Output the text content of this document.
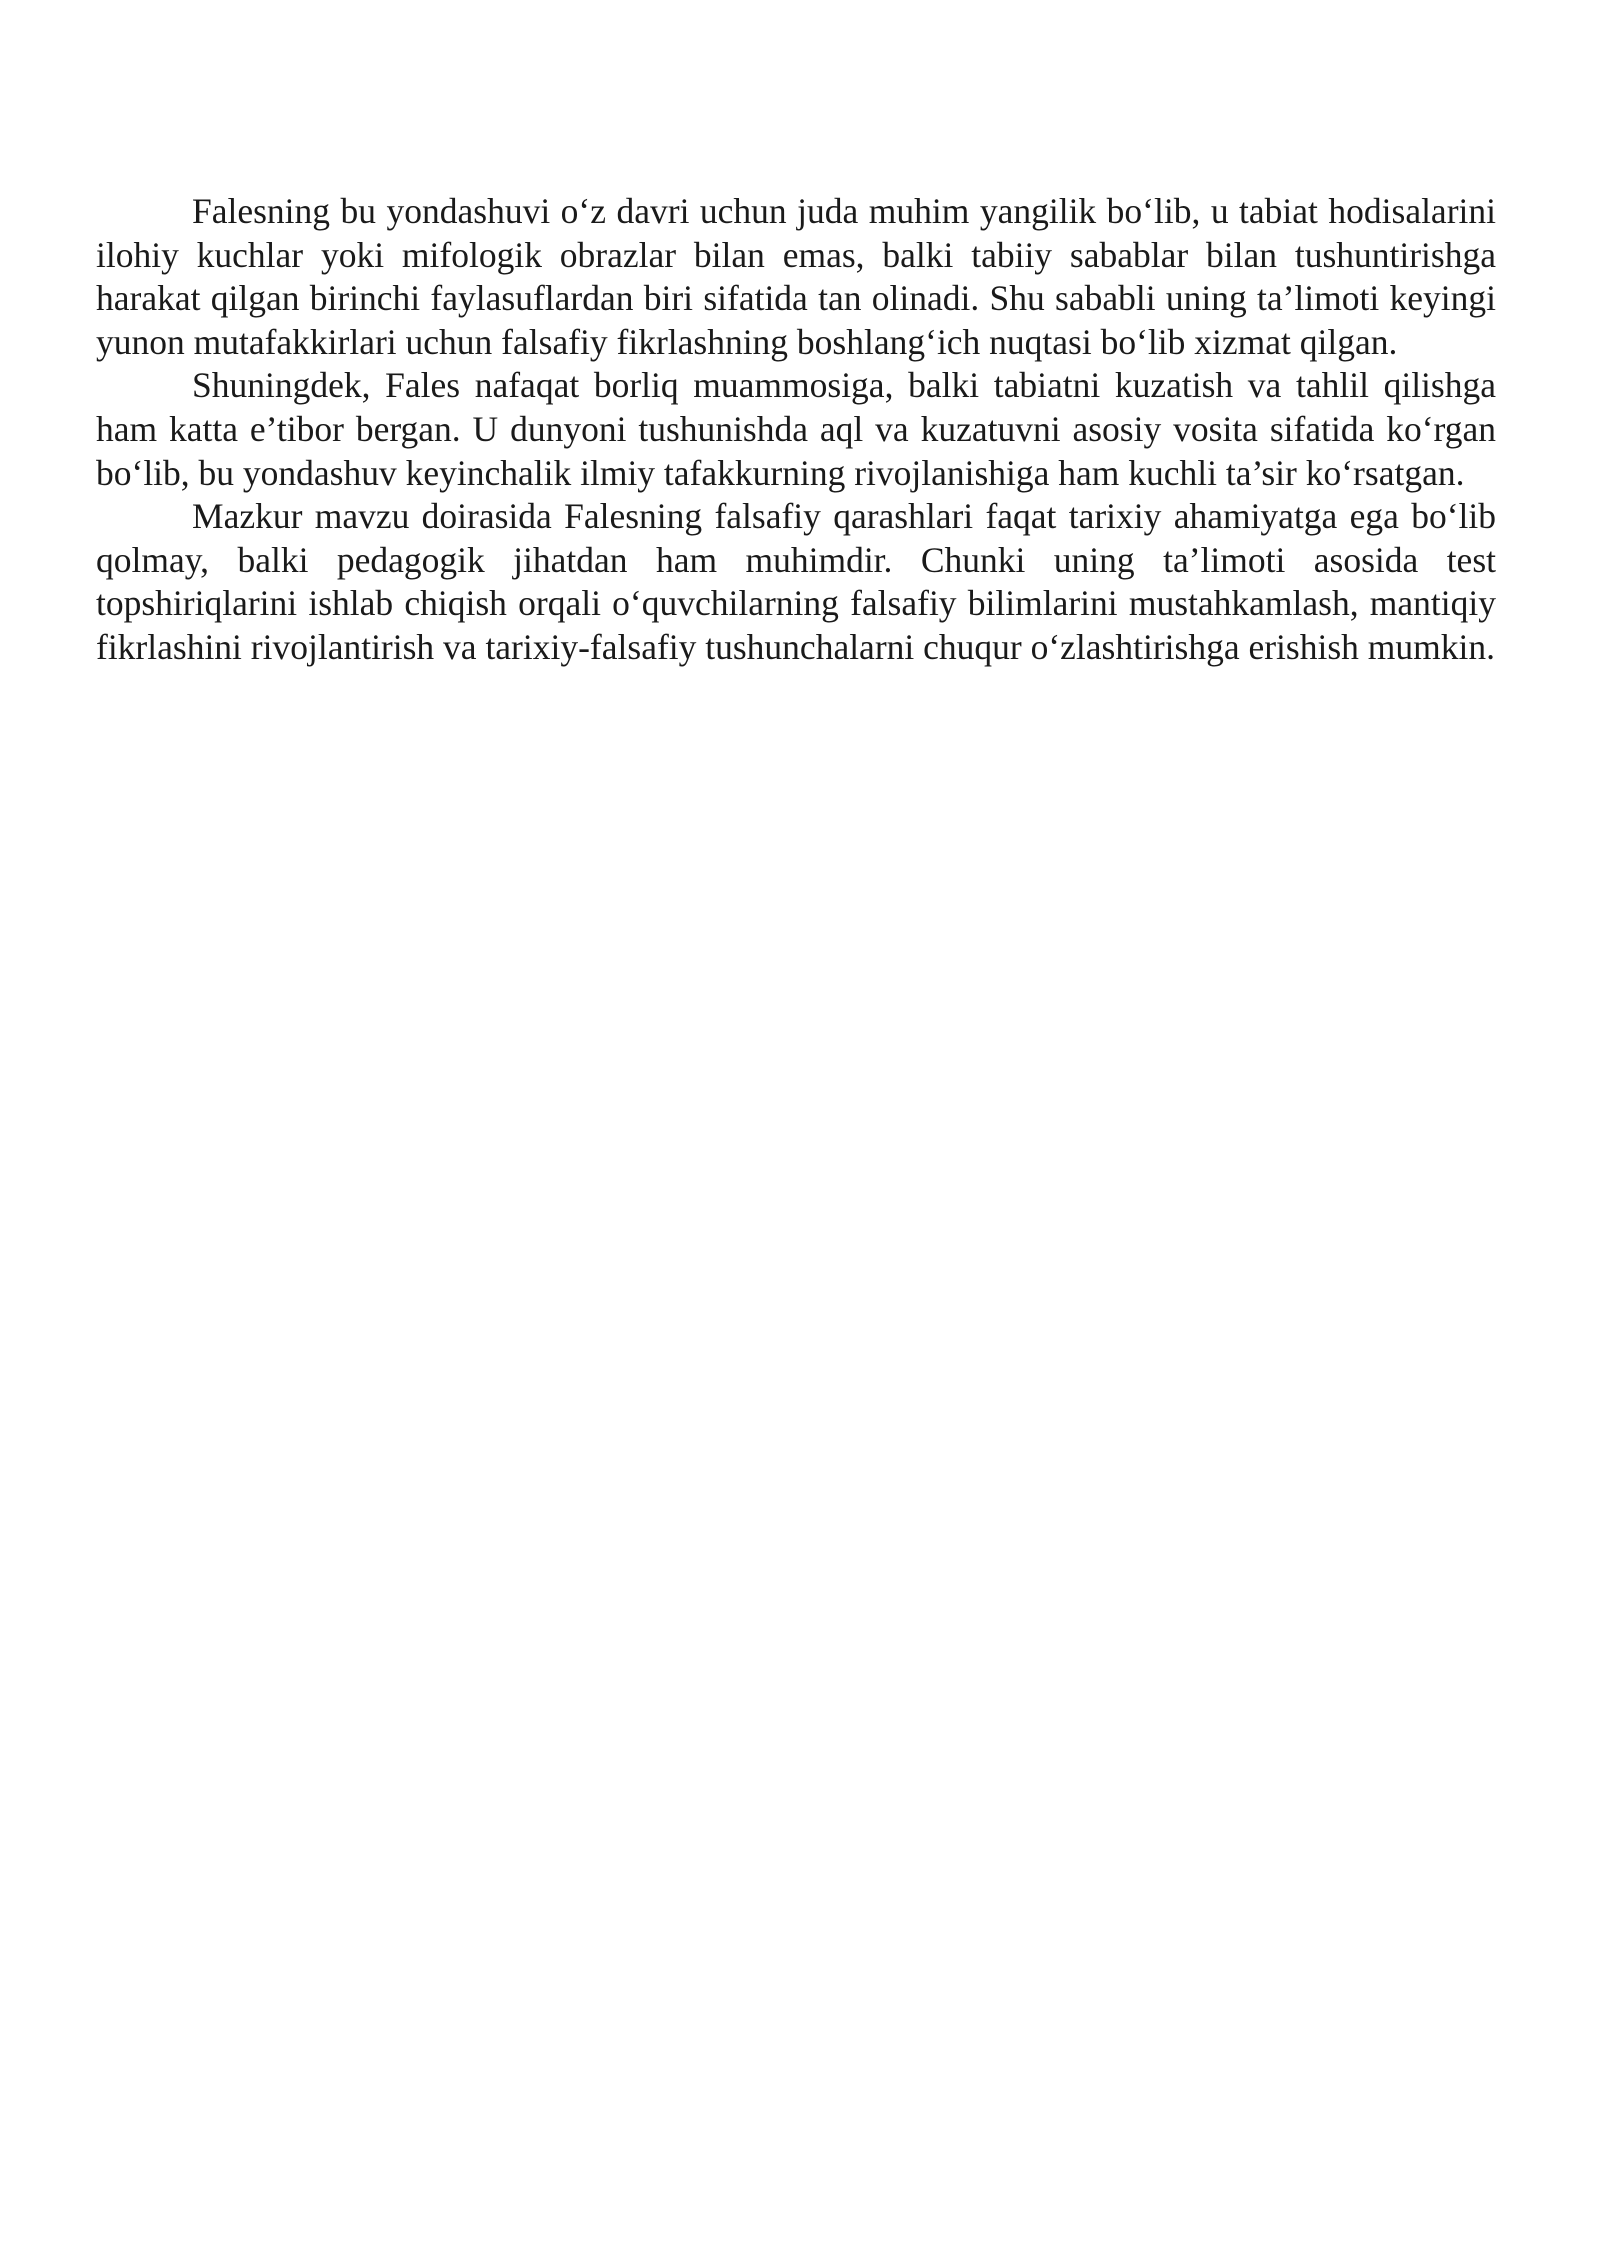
Falesning bu yondashuvi o‘z davri uchun juda muhim yangilik bo‘lib, u tabiat hodisalarini ilohiy kuchlar yoki mifologik obrazlar bilan emas, balki tabiiy sabablar bilan tushuntirishga harakat qilgan birinchi faylasuflardan biri sifatida tan olinadi. Shu sababli uning ta’limoti keyingi yunon mutafakkirlari uchun falsafiy fikrlashning boshlang‘ich nuqtasi bo‘lib xizmat qilgan.

Shuningdek, Fales nafaqat borliq muammosiga, balki tabiatni kuzatish va tahlil qilishga ham katta e’tibor bergan. U dunyoni tushunishda aql va kuzatuvni asosiy vosita sifatida ko‘rgan bo‘lib, bu yondashuv keyinchalik ilmiy tafakkurning rivojlanishiga ham kuchli ta’sir ko‘rsatgan.

Mazkur mavzu doirasida Falesning falsafiy qarashlari faqat tarixiy ahamiyatga ega bo‘lib qolmay, balki pedagogik jihatdan ham muhimdir. Chunki uning ta’limoti asosida test topshiriqlarini ishlab chiqish orqali o‘quvchilarning falsafiy bilimlarini mustahkamlash, mantiqiy fikrlashini rivojlantirish va tarixiy-falsafiy tushunchalarni chuqur o‘zlashtirishga erishish mumkin.
